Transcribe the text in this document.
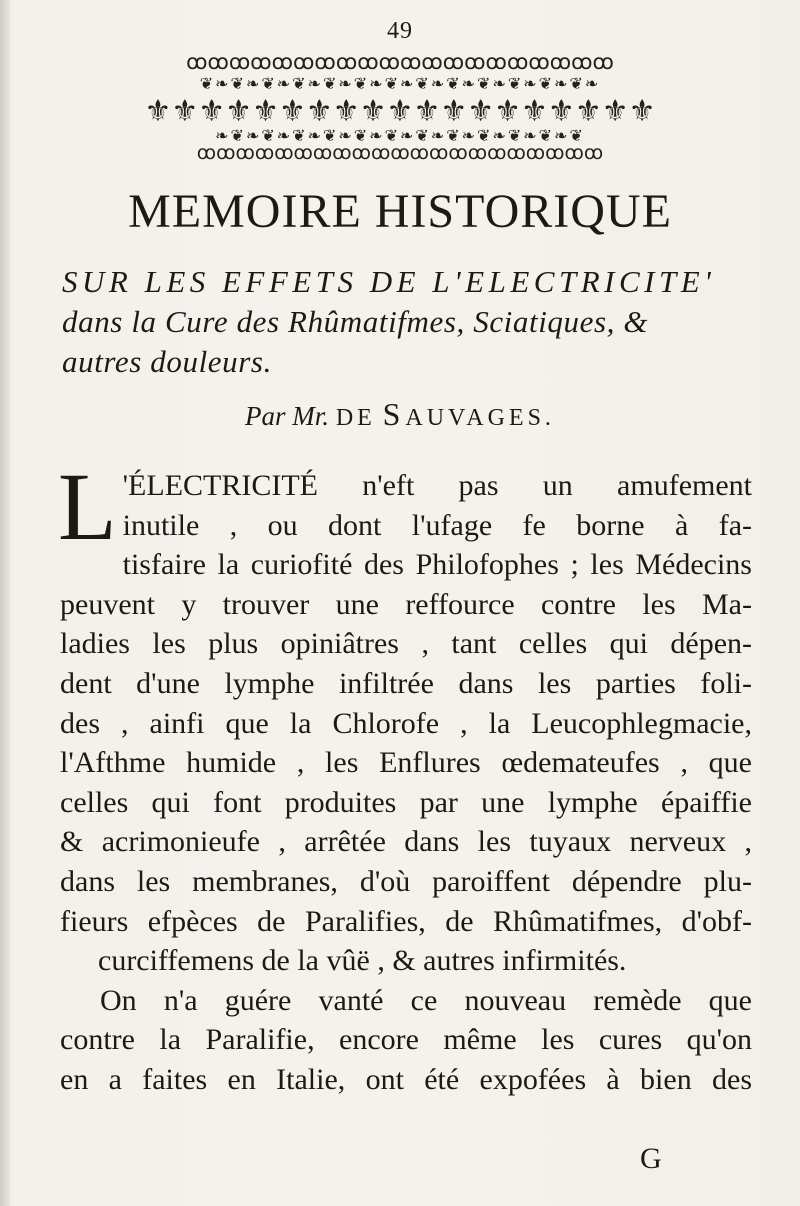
49
ꝏꝏꝏꝏꝏꝏꝏꝏꝏꝏꝏꝏꝏꝏꝏꝏꝏꝏꝏꝏ
❦❧❦❧❦❧❦❧❦❧❦❧❦❧❦❧❦❧❦❧❦❧❦❧❦❧
⚜⚜⚜⚜⚜⚜⚜⚜⚜⚜⚜⚜⚜⚜⚜⚜⚜⚜⚜
❧❦❧❦❧❦❧❦❧❦❧❦❧❦❧❦❧❦❧❦❧❦❧❦
ꝏꝏꝏꝏꝏꝏꝏꝏꝏꝏꝏꝏꝏꝏꝏꝏꝏꝏꝏꝏꝏ
MEMOIRE HISTORIQUE
SUR LES EFFETS DE L'ELECTRICITE'
dans la Cure des Rhûmatifmes, Sciatiques, &
autres douleurs.
Par Mr. DE SAUVAGES.
L 'ÉLECTRICITÉ n'eft pas un amufement
inutile , ou dont l'ufage fe borne à fa-
tisfaire la curiofité des Philofophes ; les Médecins
peuvent y trouver une reffource contre les Ma-
ladies les plus opiniâtres , tant celles qui dépen-
dent d'une lymphe infiltrée dans les parties foli-
des , ainfi que la Chlorofe , la Leucophlegmacie,
l'Afthme humide , les Enflures œdemateufes , que
celles qui font produites par une lymphe épaiffie
& acrimonieufe , arrêtée dans les tuyaux nerveux ,
dans les membranes, d'où paroiffent dépendre plu-
fieurs efpèces de Paralifies, de Rhûmatifmes, d'obf-
curciffemens de la vûë , & autres infirmités.
On n'a guére vanté ce nouveau remède que
contre la Paralifie, encore même les cures qu'on
en a faites en Italie, ont été expofées à bien des
G
